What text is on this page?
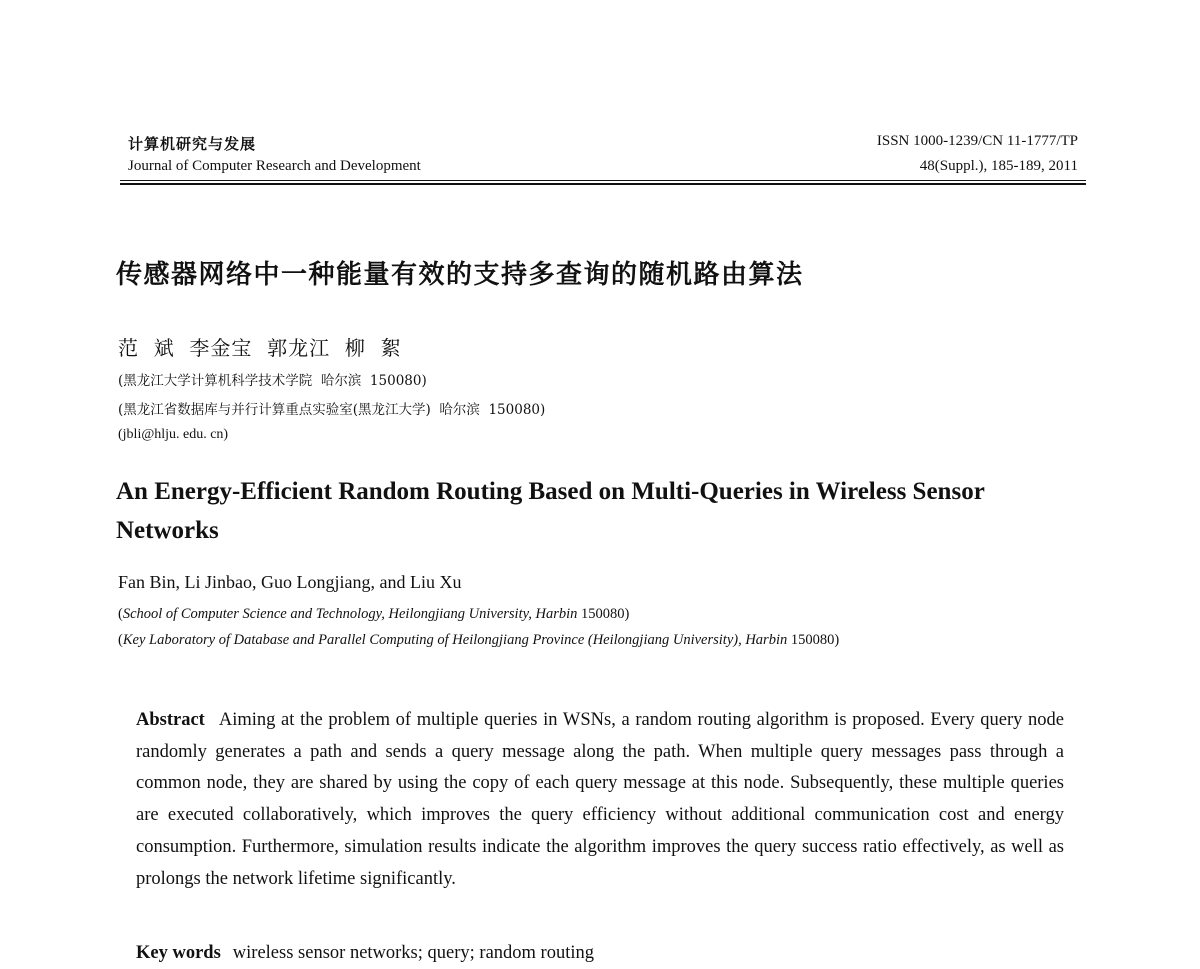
计算机研究与发展
Journal of Computer Research and Development
ISSN 1000-1239/CN 11-1777/TP
48(Suppl.), 185-189, 2011
传感器网络中一种能量有效的支持多查询的随机路由算法
范  斌  李金宝  郭龙江  柳  絮
(黑龙江大学计算机科学技术学院  哈尔滨  150080)
(黑龙江省数据库与并行计算重点实验室(黑龙江大学)  哈尔滨  150080)
(jbli@hlju. edu. cn)
An Energy-Efficient Random Routing Based on Multi-Queries in Wireless Sensor Networks
Fan Bin, Li Jinbao, Guo Longjiang, and Liu Xu
(School of Computer Science and Technology, Heilongjiang University, Harbin 150080)
(Key Laboratory of Database and Parallel Computing of Heilongjiang Province (Heilongjiang University), Harbin 150080)
Abstract Aiming at the problem of multiple queries in WSNs, a random routing algorithm is proposed. Every query node randomly generates a path and sends a query message along the path. When multiple query messages pass through a common node, they are shared by using the copy of each query message at this node. Subsequently, these multiple queries are executed collaboratively, which improves the query efficiency without additional communication cost and energy consumption. Furthermore, simulation results indicate the algorithm improves the query success ratio effectively, as well as prolongs the network lifetime significantly.
Key words wireless sensor networks; query; random routing
